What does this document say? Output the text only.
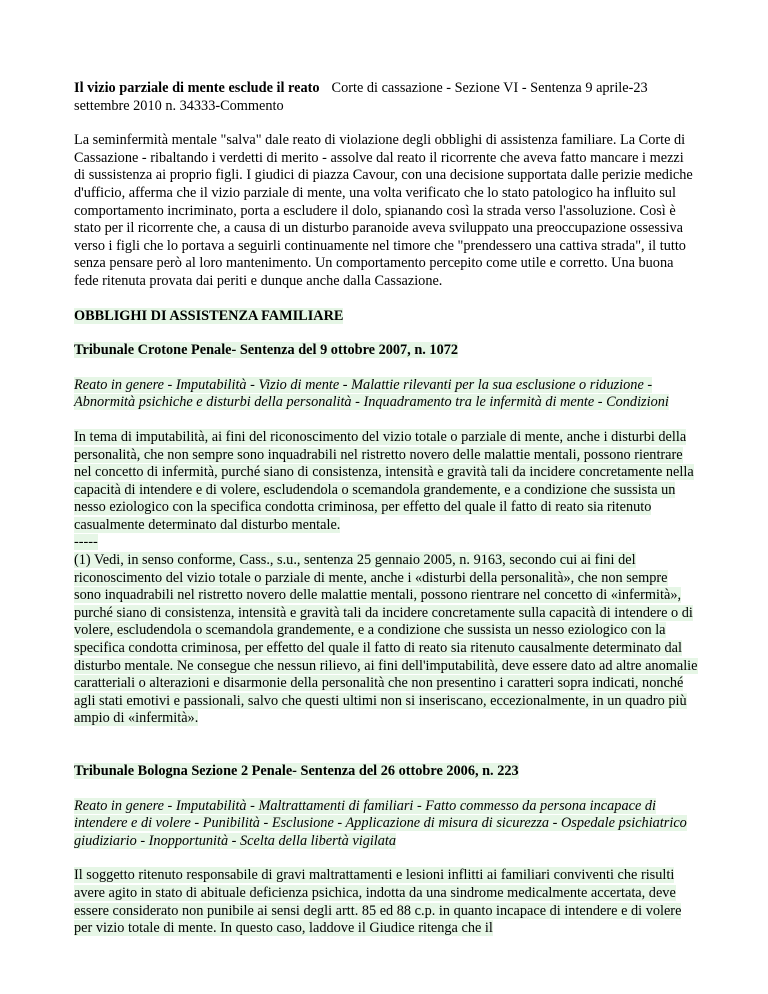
Il vizio parziale di mente esclude il reato Corte di cassazione - Sezione VI - Sentenza 9 aprile-23 settembre 2010 n. 34333-Commento

La seminfermità mentale "salva" dale reato di violazione degli obblighi di assistenza familiare. La Corte di Cassazione - ribaltando i verdetti di merito - assolve dal reato il ricorrente che aveva fatto mancare i mezzi di sussistenza ai proprio figli. I giudici di piazza Cavour, con una decisione supportata dalle perizie mediche d'ufficio, afferma che il vizio parziale di mente, una volta verificato che lo stato patologico ha influito sul comportamento incriminato, porta a escludere il dolo, spianando così la strada verso l'assoluzione. Così è stato per il ricorrente che, a causa di un disturbo paranoide aveva sviluppato una preoccupazione ossessiva verso i figli che lo portava a seguirli continuamente nel timore che "prendessero una cattiva strada", il tutto senza pensare però al loro mantenimento. Un comportamento percepito come utile e corretto. Una buona fede ritenuta provata dai periti e dunque anche dalla Cassazione.

OBBLIGHI DI ASSISTENZA FAMILIARE

Tribunale Crotone Penale- Sentenza del 9 ottobre 2007, n. 1072

Reato in genere - Imputabilità - Vizio di mente - Malattie rilevanti per la sua esclusione o riduzione - Abnormità psichiche e disturbi della personalità - Inquadramento tra le infermità di mente - Condizioni

In tema di imputabilità, ai fini del riconoscimento del vizio totale o parziale di mente, anche i disturbi della personalità, che non sempre sono inquadrabili nel ristretto novero delle malattie mentali, possono rientrare nel concetto di infermità, purché siano di consistenza, intensità e gravità tali da incidere concretamente nella capacità di intendere e di volere, escludendola o scemandola grandemente, e a condizione che sussista un nesso eziologico con la specifica condotta criminosa, per effetto del quale il fatto di reato sia ritenuto casualmente determinato dal disturbo mentale.
-----
(1) Vedi, in senso conforme, Cass., s.u., sentenza 25 gennaio 2005, n. 9163, secondo cui ai fini del riconoscimento del vizio totale o parziale di mente, anche i «disturbi della personalità», che non sempre sono inquadrabili nel ristretto novero delle malattie mentali, possono rientrare nel concetto di «infermità», purché siano di consistenza, intensità e gravità tali da incidere concretamente sulla capacità di intendere o di volere, escludendola o scemandola grandemente, e a condizione che sussista un nesso eziologico con la specifica condotta criminosa, per effetto del quale il fatto di reato sia ritenuto causalmente determinato dal disturbo mentale. Ne consegue che nessun rilievo, ai fini dell'imputabilità, deve essere dato ad altre anomalie caratteriali o alterazioni e disarmonie della personalità che non presentino i caratteri sopra indicati, nonché agli stati emotivi e passionali, salvo che questi ultimi non si inseriscano, eccezionalmente, in un quadro più ampio di «infermità».

Tribunale Bologna Sezione 2 Penale- Sentenza del 26 ottobre 2006, n. 223

Reato in genere - Imputabilità - Maltrattamenti di familiari - Fatto commesso da persona incapace di intendere e di volere - Punibilità - Esclusione - Applicazione di misura di sicurezza - Ospedale psichiatrico giudiziario - Inopportunità - Scelta della libertà vigilata

Il soggetto ritenuto responsabile di gravi maltrattamenti e lesioni inflitti ai familiari conviventi che risulti avere agito in stato di abituale deficienza psichica, indotta da una sindrome medicalmente accertata, deve essere considerato non punibile ai sensi degli artt. 85 ed 88 c.p. in quanto incapace di intendere e di volere per vizio totale di mente. In questo caso, laddove il Giudice ritenga che il
